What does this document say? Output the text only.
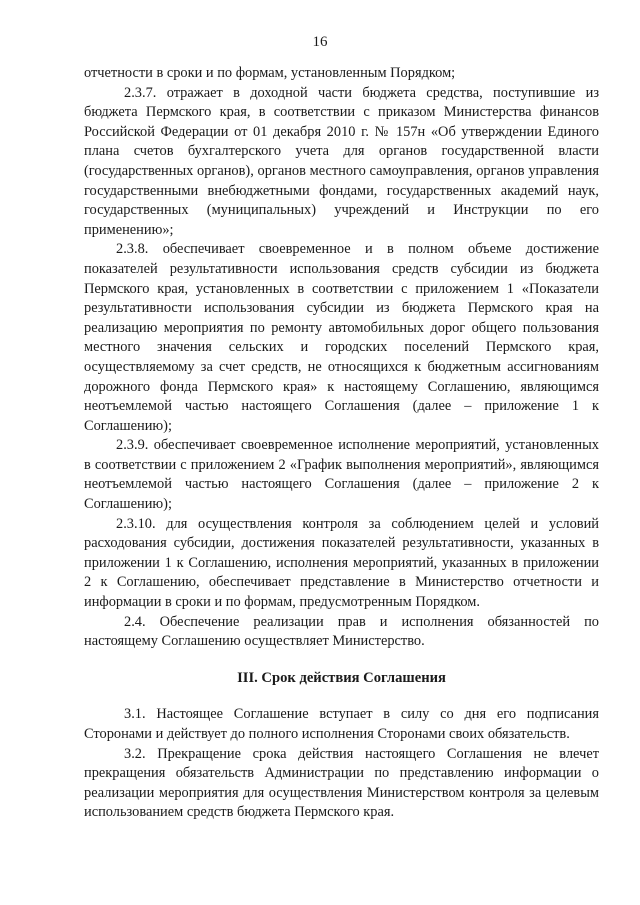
16

отчетности в сроки и по формам, установленным Порядком;

2.3.7. отражает в доходной части бюджета средства, поступившие из бюджета Пермского края, в соответствии с приказом Министерства финансов Российской Федерации от 01 декабря 2010 г. № 157н «Об утверждении Единого плана счетов бухгалтерского учета для органов государственной власти (государственных органов), органов местного самоуправления, органов управления государственными внебюджетными фондами, государственных академий наук, государственных (муниципальных) учреждений и Инструкции по его применению»;

2.3.8. обеспечивает своевременное и в полном объеме достижение показателей результативности использования средств субсидии из бюджета Пермского края, установленных в соответствии с приложением 1 «Показатели результативности использования субсидии из бюджета Пермского края на реализацию мероприятия по ремонту автомобильных дорог общего пользования местного значения сельских и городских поселений Пермского края, осуществляемому за счет средств, не относящихся к бюджетным ассигнованиям дорожного фонда Пермского края» к настоящему Соглашению, являющимся неотъемлемой частью настоящего Соглашения (далее – приложение 1 к Соглашению);

2.3.9. обеспечивает своевременное исполнение мероприятий, установленных в соответствии с приложением 2 «График выполнения мероприятий», являющимся неотъемлемой частью настоящего Соглашения (далее – приложение 2 к Соглашению);

2.3.10. для осуществления контроля за соблюдением целей и условий расходования субсидии, достижения показателей результативности, указанных в приложении 1 к Соглашению, исполнения мероприятий, указанных в приложении 2 к Соглашению, обеспечивает представление в Министерство отчетности и информации в сроки и по формам, предусмотренным Порядком.

2.4. Обеспечение реализации прав и исполнения обязанностей по настоящему Соглашению осуществляет Министерство.

III. Срок действия Соглашения

3.1. Настоящее Соглашение вступает в силу со дня его подписания Сторонами и действует до полного исполнения Сторонами своих обязательств.

3.2. Прекращение срока действия настоящего Соглашения не влечет прекращения обязательств Администрации по представлению информации о реализации мероприятия для осуществления Министерством контроля за целевым использованием средств бюджета Пермского края.
